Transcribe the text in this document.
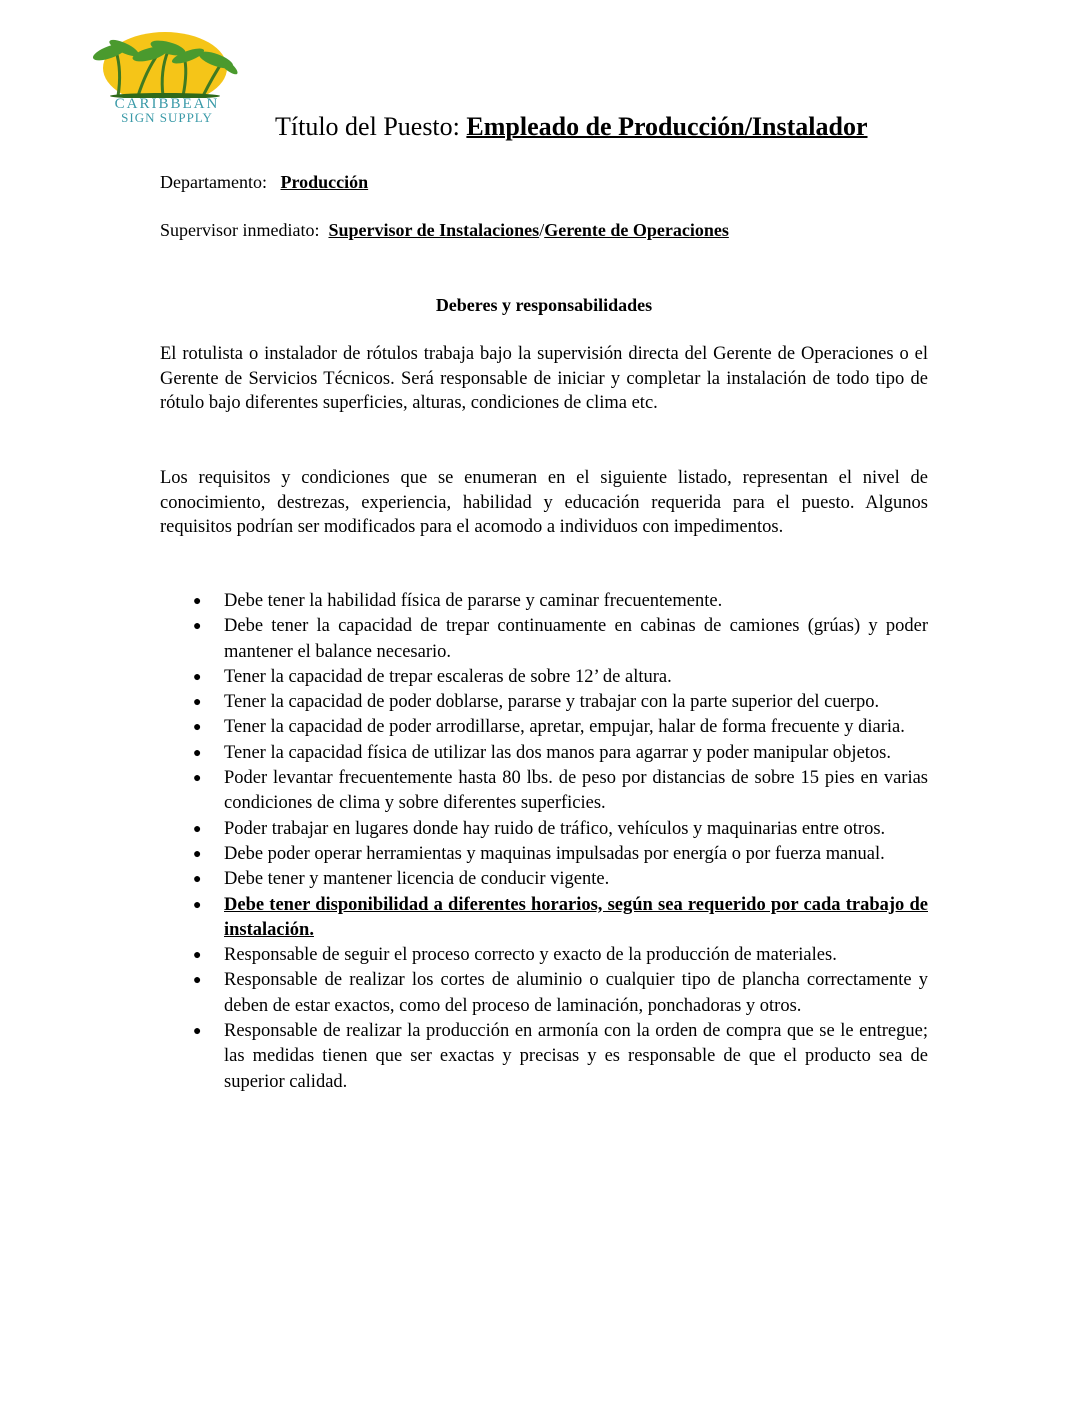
CARIBBEAN
SIGN SUPPLY	Título del Puesto: Empleado de Producción/Instalador
Departamento: Producción
Supervisor inmediato: Supervisor de Instalaciones/Gerente de Operaciones
Deberes y responsabilidades

El rotulista o instalador de rótulos trabaja bajo la supervisión directa del Gerente de Operaciones o el Gerente de Servicios Técnicos. Será responsable de iniciar y completar la instalación de todo tipo de rótulo bajo diferentes superficies, alturas, condiciones de clima etc.

Los requisitos y condiciones que se enumeran en el siguiente listado, representan el nivel de conocimiento, destrezas, experiencia, habilidad y educación requerida para el puesto. Algunos requisitos podrían ser modificados para el acomodo a individuos con impedimentos.

● Debe tener la habilidad física de pararse y caminar frecuentemente.
● Debe tener la capacidad de trepar continuamente en cabinas de camiones (grúas) y poder mantener el balance necesario.
● Tener la capacidad de trepar escaleras de sobre 12’ de altura.
● Tener la capacidad de poder doblarse, pararse y trabajar con la parte superior del cuerpo.
● Tener la capacidad de poder arrodillarse, apretar, empujar, halar de forma frecuente y diaria.
● Tener la capacidad física de utilizar las dos manos para agarrar y poder manipular objetos.
● Poder levantar frecuentemente hasta 80 lbs. de peso por distancias de sobre 15 pies en varias condiciones de clima y sobre diferentes superficies.
● Poder trabajar en lugares donde hay ruido de tráfico, vehículos y maquinarias entre otros.
● Debe poder operar herramientas y maquinas impulsadas por energía o por fuerza manual.
● Debe tener y mantener licencia de conducir vigente.
● Debe tener disponibilidad a diferentes horarios, según sea requerido por cada trabajo de instalación.
● Responsable de seguir el proceso correcto y exacto de la producción de materiales.
● Responsable de realizar los cortes de aluminio o cualquier tipo de plancha correctamente y deben de estar exactos, como del proceso de laminación, ponchadoras y otros.
● Responsable de realizar la producción en armonía con la orden de compra que se le entregue; las medidas tienen que ser exactas y precisas y es responsable de que el producto sea de superior calidad.
